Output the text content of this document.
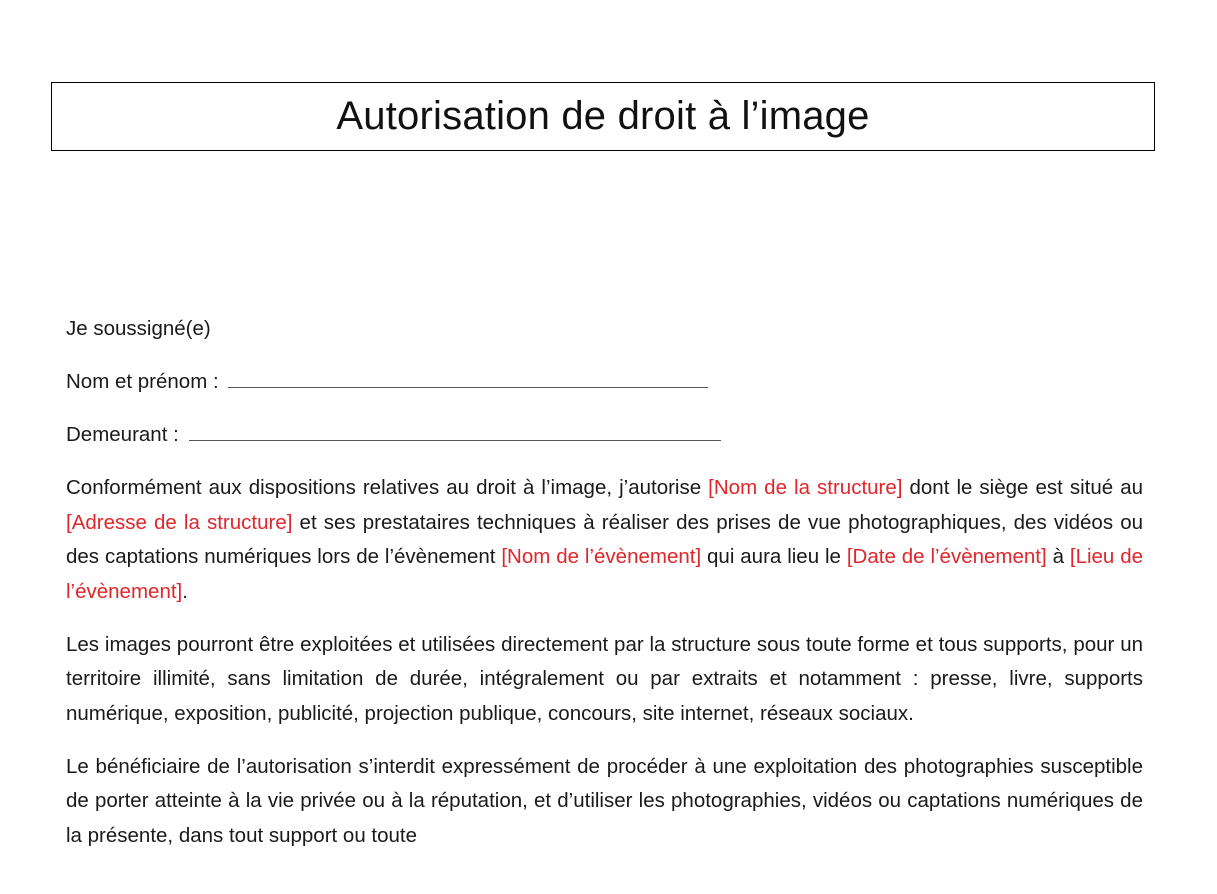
Autorisation de droit à l’image

Je soussigné(e)

Nom et prénom :

Demeurant :

Conformément aux dispositions relatives au droit à l’image, j’autorise [Nom de la structure] dont le siège est situé au [Adresse de la structure] et ses prestataires techniques à réaliser des prises de vue photographiques, des vidéos ou des captations numériques lors de l’évènement [Nom de l’évènement] qui aura lieu le [Date de l’évènement] à [Lieu de l’évènement].

Les images pourront être exploitées et utilisées directement par la structure sous toute forme et tous supports, pour un territoire illimité, sans limitation de durée, intégralement ou par extraits et notamment : presse, livre, supports numérique, exposition, publicité, projection publique, concours, site internet, réseaux sociaux.

Le bénéficiaire de l’autorisation s’interdit expressément de procéder à une exploitation des photographies susceptible de porter atteinte à la vie privée ou à la réputation, et d’utiliser les photographies, vidéos ou captations numériques de la présente, dans tout support ou toute
